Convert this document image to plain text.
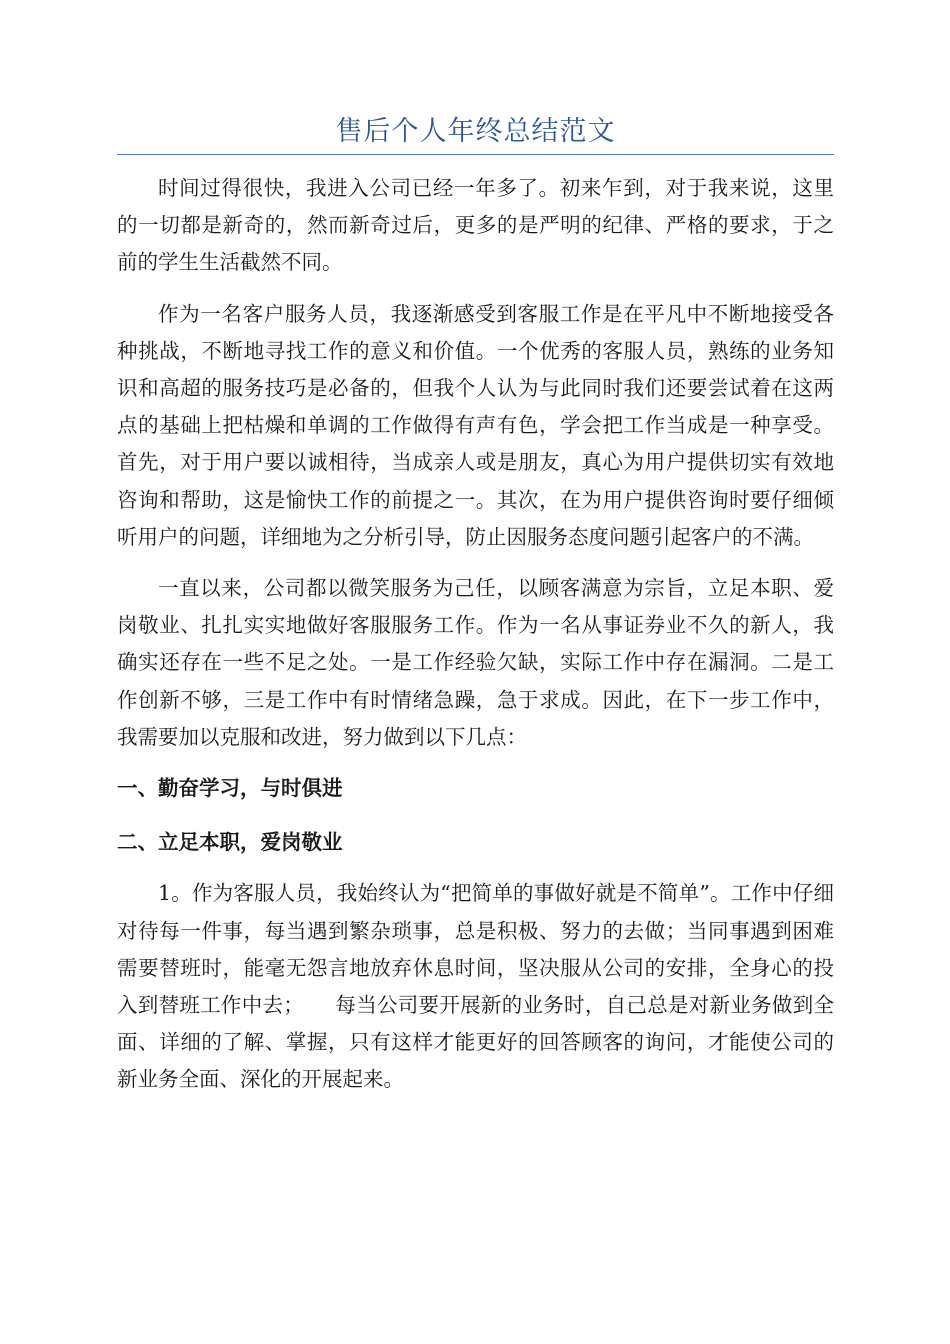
售后个人年终总结范文

时间过得很快，我进入公司已经一年多了。初来乍到，对于我来说，这里的一切都是新奇的，然而新奇过后，更多的是严明的纪律、严格的要求，于之前的学生生活截然不同。

作为一名客户服务人员，我逐渐感受到客服工作是在平凡中不断地接受各种挑战，不断地寻找工作的意义和价值。一个优秀的客服人员，熟练的业务知识和高超的服务技巧是必备的，但我个人认为与此同时我们还要尝试着在这两点的基础上把枯燥和单调的工作做得有声有色，学会把工作当成是一种享受。首先，对于用户要以诚相待，当成亲人或是朋友，真心为用户提供切实有效地咨询和帮助，这是愉快工作的前提之一。其次，在为用户提供咨询时要仔细倾听用户的问题，详细地为之分析引导，防止因服务态度问题引起客户的不满。

一直以来，公司都以微笑服务为己任，以顾客满意为宗旨，立足本职、爱岗敬业、扎扎实实地做好客服服务工作。作为一名从事证券业不久的新人，我确实还存在一些不足之处。一是工作经验欠缺，实际工作中存在漏洞。二是工作创新不够，三是工作中有时情绪急躁，急于求成。因此，在下一步工作中，我需要加以克服和改进，努力做到以下几点：

一、勤奋学习，与时俱进

二、立足本职，爱岗敬业

1。作为客服人员，我始终认为“把简单的事做好就是不简单”。工作中仔细对待每一件事，每当遇到繁杂琐事，总是积极、努力的去做；当同事遇到困难需要替班时，能毫无怨言地放弃休息时间，坚决服从公司的安排，全身心的投入到替班工作中去；　　每当公司要开展新的业务时，自己总是对新业务做到全面、详细的了解、掌握，只有这样才能更好的回答顾客的询问，才能使公司的新业务全面、深化的开展起来。
